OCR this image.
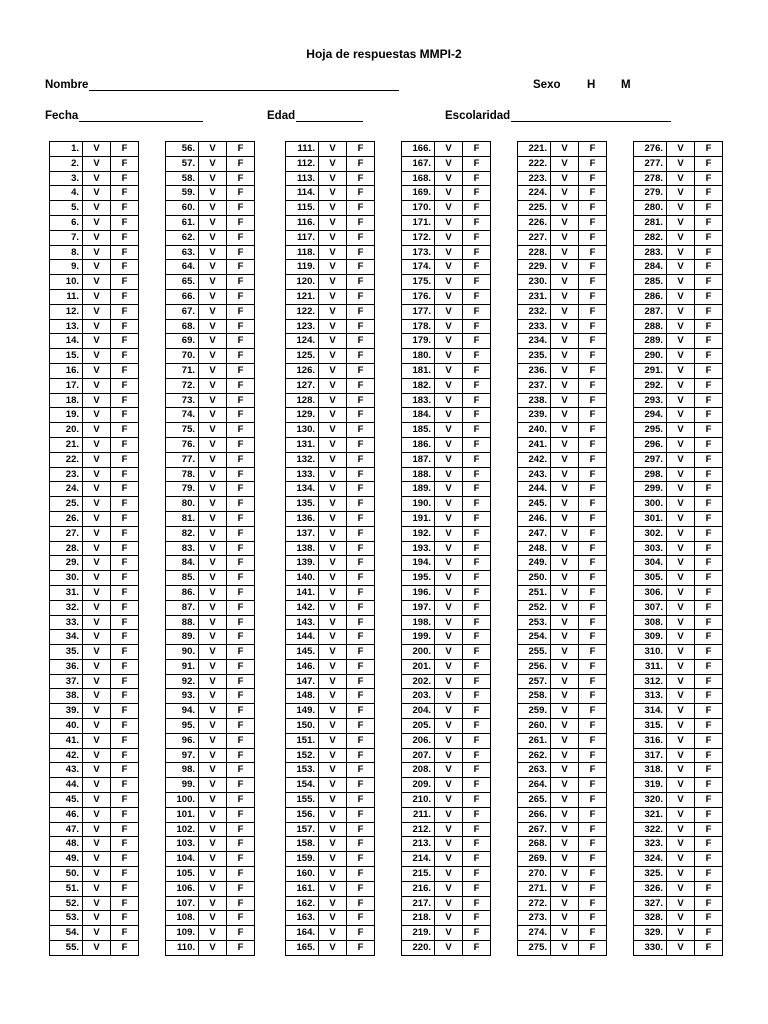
Hoja de respuestas MMPI-2
Nombre	Sexo H M
Fecha	Edad	Escolaridad
1.	V	F
2.	V	F
3.	V	F
4.	V	F
5.	V	F
6.	V	F
7.	V	F
8.	V	F
9.	V	F
10.	V	F
11.	V	F
12.	V	F
13.	V	F
14.	V	F
15.	V	F
16.	V	F
17.	V	F
18.	V	F
19.	V	F
20.	V	F
21.	V	F
22.	V	F
23.	V	F
24.	V	F
25.	V	F
26.	V	F
27.	V	F
28.	V	F
29.	V	F
30.	V	F
31.	V	F
32.	V	F
33.	V	F
34.	V	F
35.	V	F
36.	V	F
37.	V	F
38.	V	F
39.	V	F
40.	V	F
41.	V	F
42.	V	F
43.	V	F
44.	V	F
45.	V	F
46.	V	F
47.	V	F
48.	V	F
49.	V	F
50.	V	F
51.	V	F
52.	V	F
53.	V	F
54.	V	F
55.	V	F
56.	V	F
57.	V	F
58.	V	F
59.	V	F
60.	V	F
61.	V	F
62.	V	F
63.	V	F
64.	V	F
65.	V	F
66.	V	F
67.	V	F
68.	V	F
69.	V	F
70.	V	F
71.	V	F
72.	V	F
73.	V	F
74.	V	F
75.	V	F
76.	V	F
77.	V	F
78.	V	F
79.	V	F
80.	V	F
81.	V	F
82.	V	F
83.	V	F
84.	V	F
85.	V	F
86.	V	F
87.	V	F
88.	V	F
89.	V	F
90.	V	F
91.	V	F
92.	V	F
93.	V	F
94.	V	F
95.	V	F
96.	V	F
97.	V	F
98.	V	F
99.	V	F
100.	V	F
101.	V	F
102.	V	F
103.	V	F
104.	V	F
105.	V	F
106.	V	F
107.	V	F
108.	V	F
109.	V	F
110.	V	F
111.	V	F
112.	V	F
113.	V	F
114.	V	F
115.	V	F
116.	V	F
117.	V	F
118.	V	F
119.	V	F
120.	V	F
121.	V	F
122.	V	F
123.	V	F
124.	V	F
125.	V	F
126.	V	F
127.	V	F
128.	V	F
129.	V	F
130.	V	F
131.	V	F
132.	V	F
133.	V	F
134.	V	F
135.	V	F
136.	V	F
137.	V	F
138.	V	F
139.	V	F
140.	V	F
141.	V	F
142.	V	F
143.	V	F
144.	V	F
145.	V	F
146.	V	F
147.	V	F
148.	V	F
149.	V	F
150.	V	F
151.	V	F
152.	V	F
153.	V	F
154.	V	F
155.	V	F
156.	V	F
157.	V	F
158.	V	F
159.	V	F
160.	V	F
161.	V	F
162.	V	F
163.	V	F
164.	V	F
165.	V	F
166.	V	F
167.	V	F
168.	V	F
169.	V	F
170.	V	F
171.	V	F
172.	V	F
173.	V	F
174.	V	F
175.	V	F
176.	V	F
177.	V	F
178.	V	F
179.	V	F
180.	V	F
181.	V	F
182.	V	F
183.	V	F
184.	V	F
185.	V	F
186.	V	F
187.	V	F
188.	V	F
189.	V	F
190.	V	F
191.	V	F
192.	V	F
193.	V	F
194.	V	F
195.	V	F
196.	V	F
197.	V	F
198.	V	F
199.	V	F
200.	V	F
201.	V	F
202.	V	F
203.	V	F
204.	V	F
205.	V	F
206.	V	F
207.	V	F
208.	V	F
209.	V	F
210.	V	F
211.	V	F
212.	V	F
213.	V	F
214.	V	F
215.	V	F
216.	V	F
217.	V	F
218.	V	F
219.	V	F
220.	V	F
221.	V	F
222.	V	F
223.	V	F
224.	V	F
225.	V	F
226.	V	F
227.	V	F
228.	V	F
229.	V	F
230.	V	F
231.	V	F
232.	V	F
233.	V	F
234.	V	F
235.	V	F
236.	V	F
237.	V	F
238.	V	F
239.	V	F
240.	V	F
241.	V	F
242.	V	F
243.	V	F
244.	V	F
245.	V	F
246.	V	F
247.	V	F
248.	V	F
249.	V	F
250.	V	F
251.	V	F
252.	V	F
253.	V	F
254.	V	F
255.	V	F
256.	V	F
257.	V	F
258.	V	F
259.	V	F
260.	V	F
261.	V	F
262.	V	F
263.	V	F
264.	V	F
265.	V	F
266.	V	F
267.	V	F
268.	V	F
269.	V	F
270.	V	F
271.	V	F
272.	V	F
273.	V	F
274.	V	F
275.	V	F
276.	V	F
277.	V	F
278.	V	F
279.	V	F
280.	V	F
281.	V	F
282.	V	F
283.	V	F
284.	V	F
285.	V	F
286.	V	F
287.	V	F
288.	V	F
289.	V	F
290.	V	F
291.	V	F
292.	V	F
293.	V	F
294.	V	F
295.	V	F
296.	V	F
297.	V	F
298.	V	F
299.	V	F
300.	V	F
301.	V	F
302.	V	F
303.	V	F
304.	V	F
305.	V	F
306.	V	F
307.	V	F
308.	V	F
309.	V	F
310.	V	F
311.	V	F
312.	V	F
313.	V	F
314.	V	F
315.	V	F
316.	V	F
317.	V	F
318.	V	F
319.	V	F
320.	V	F
321.	V	F
322.	V	F
323.	V	F
324.	V	F
325.	V	F
326.	V	F
327.	V	F
328.	V	F
329.	V	F
330.	V	F
